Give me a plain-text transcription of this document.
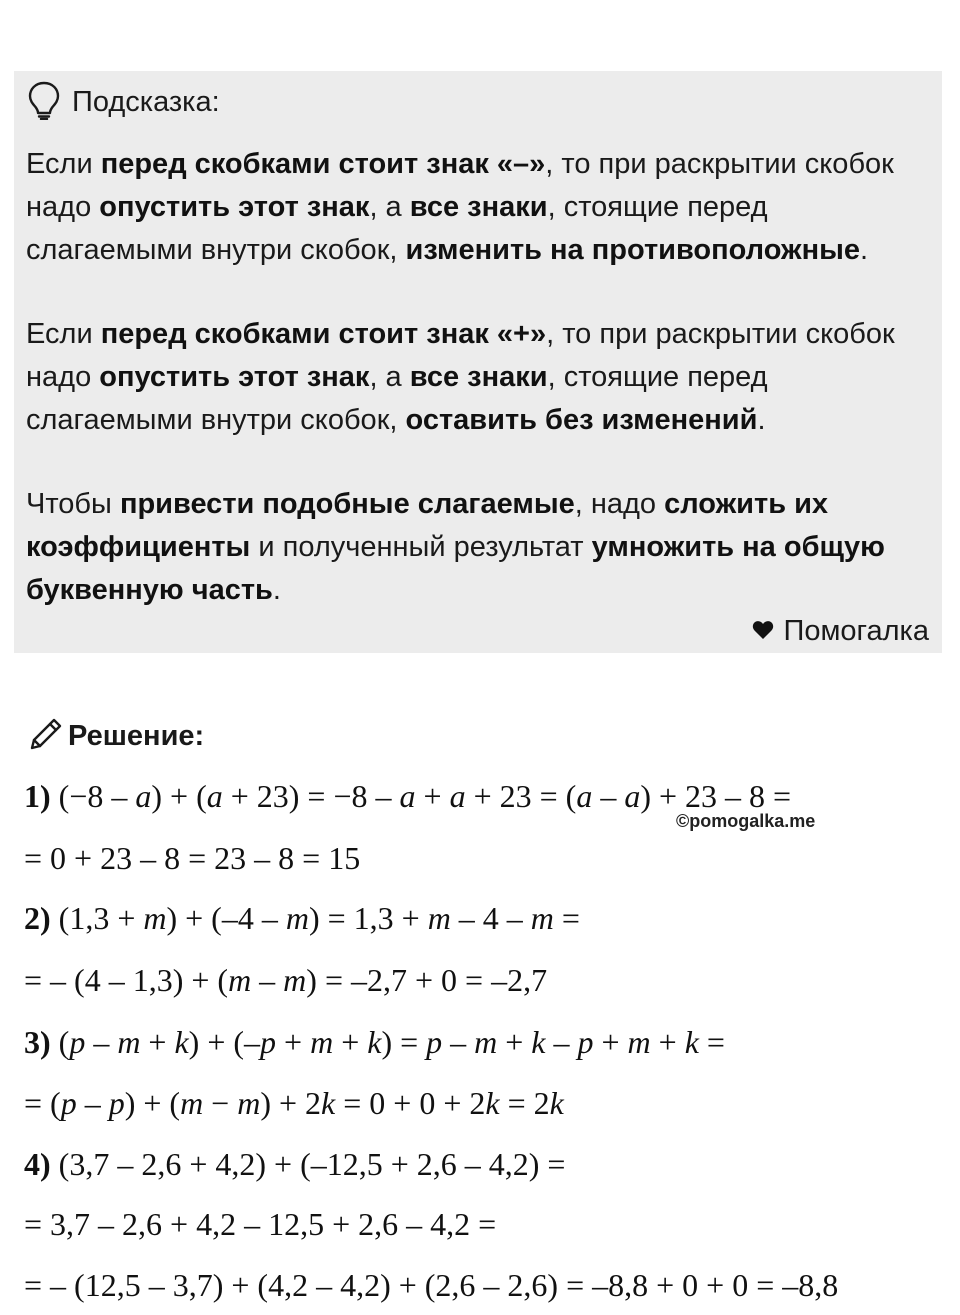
Подсказка:
Если перед скобками стоит знак «–», то при раскрытии скобок надо опустить этот знак, а все знаки, стоящие перед слагаемыми внутри скобок, изменить на противоположные.
Если перед скобками стоит знак «+», то при раскрытии скобок надо опустить этот знак, а все знаки, стоящие перед слагаемыми внутри скобок, оставить без изменений.
Чтобы привести подобные слагаемые, надо сложить их коэффициенты и полученный результат умножить на общую буквенную часть.
Помогалка
Решение:
1) (−8 – a) + (a + 23) = −8 – a + a + 23 = (a – a) + 23 – 8 =
= 0 + 23 – 8 = 23 – 8 = 15
2) (1,3 + m) + (–4 – m) = 1,3 + m – 4 – m =
= – (4 – 1,3) + (m – m) = –2,7 + 0 = –2,7
3) (p – m + k) + (–p + m + k) = p – m + k – p + m + k =
= (p – p) + (m − m) + 2k = 0 + 0 + 2k = 2k
4) (3,7 – 2,6 + 4,2) + (–12,5 + 2,6 – 4,2) =
= 3,7 – 2,6 + 4,2 – 12,5 + 2,6 – 4,2 =
= – (12,5 – 3,7) + (4,2 – 4,2) + (2,6 – 2,6) = –8,8 + 0 + 0 = –8,8
©pomogalka.me
